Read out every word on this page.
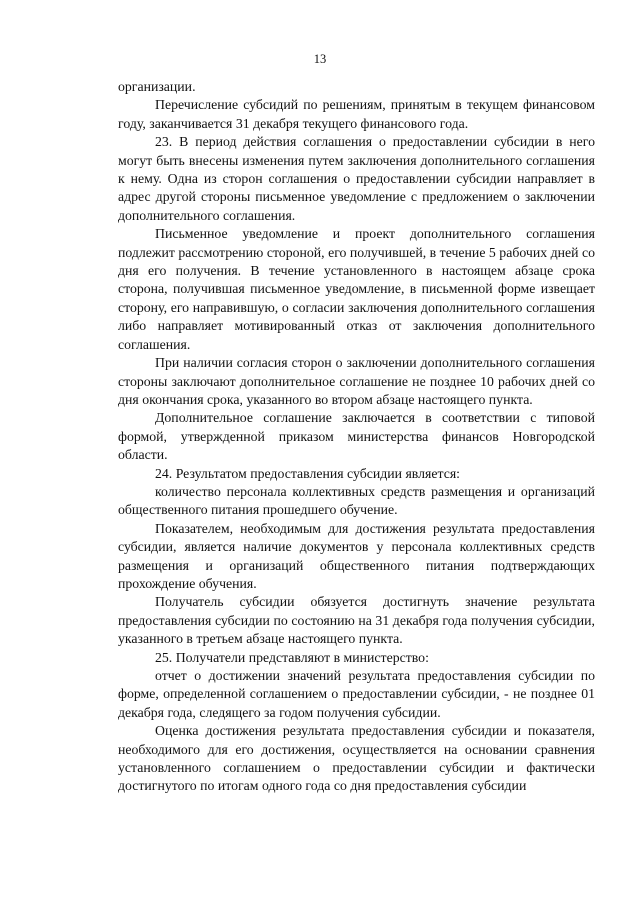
13

организации.

Перечисление субсидий по решениям, принятым в текущем финансовом году, заканчивается 31 декабря текущего финансового года.

23. В период действия соглашения о предоставлении субсидии в него могут быть внесены изменения путем заключения дополнительного соглашения к нему. Одна из сторон соглашения о предоставлении субсидии направляет в адрес другой стороны письменное уведомление с предложением о заключении дополнительного соглашения.

Письменное уведомление и проект дополнительного соглашения подлежит рассмотрению стороной, его получившей, в течение 5 рабочих дней со дня его получения. В течение установленного в настоящем абзаце срока сторона, получившая письменное уведомление, в письменной форме извещает сторону, его направившую, о согласии заключения дополнительного соглашения либо направляет мотивированный отказ от заключения дополнительного соглашения.

При наличии согласия сторон о заключении дополнительного соглашения стороны заключают дополнительное соглашение не позднее 10 рабочих дней со дня окончания срока, указанного во втором абзаце настоящего пункта.

Дополнительное соглашение заключается в соответствии с типовой формой, утвержденной приказом министерства финансов Новгородской области.

24. Результатом предоставления субсидии является:

количество персонала коллективных средств размещения и организаций общественного питания прошедшего обучение.

Показателем, необходимым для достижения результата предоставления субсидии, является наличие документов у персонала коллективных средств размещения и организаций общественного питания подтверждающих прохождение обучения.

Получатель субсидии обязуется достигнуть значение результата предоставления субсидии по состоянию на 31 декабря года получения субсидии, указанного в третьем абзаце настоящего пункта.

25. Получатели представляют в министерство:

отчет о достижении значений результата предоставления субсидии по форме, определенной соглашением о предоставлении субсидии, - не позднее 01 декабря года, следящего за годом получения субсидии.

Оценка достижения результата предоставления субсидии и показателя, необходимого для его достижения, осуществляется на основании сравнения установленного соглашением о предоставлении субсидии и фактически достигнутого по итогам одного года со дня предоставления субсидии
